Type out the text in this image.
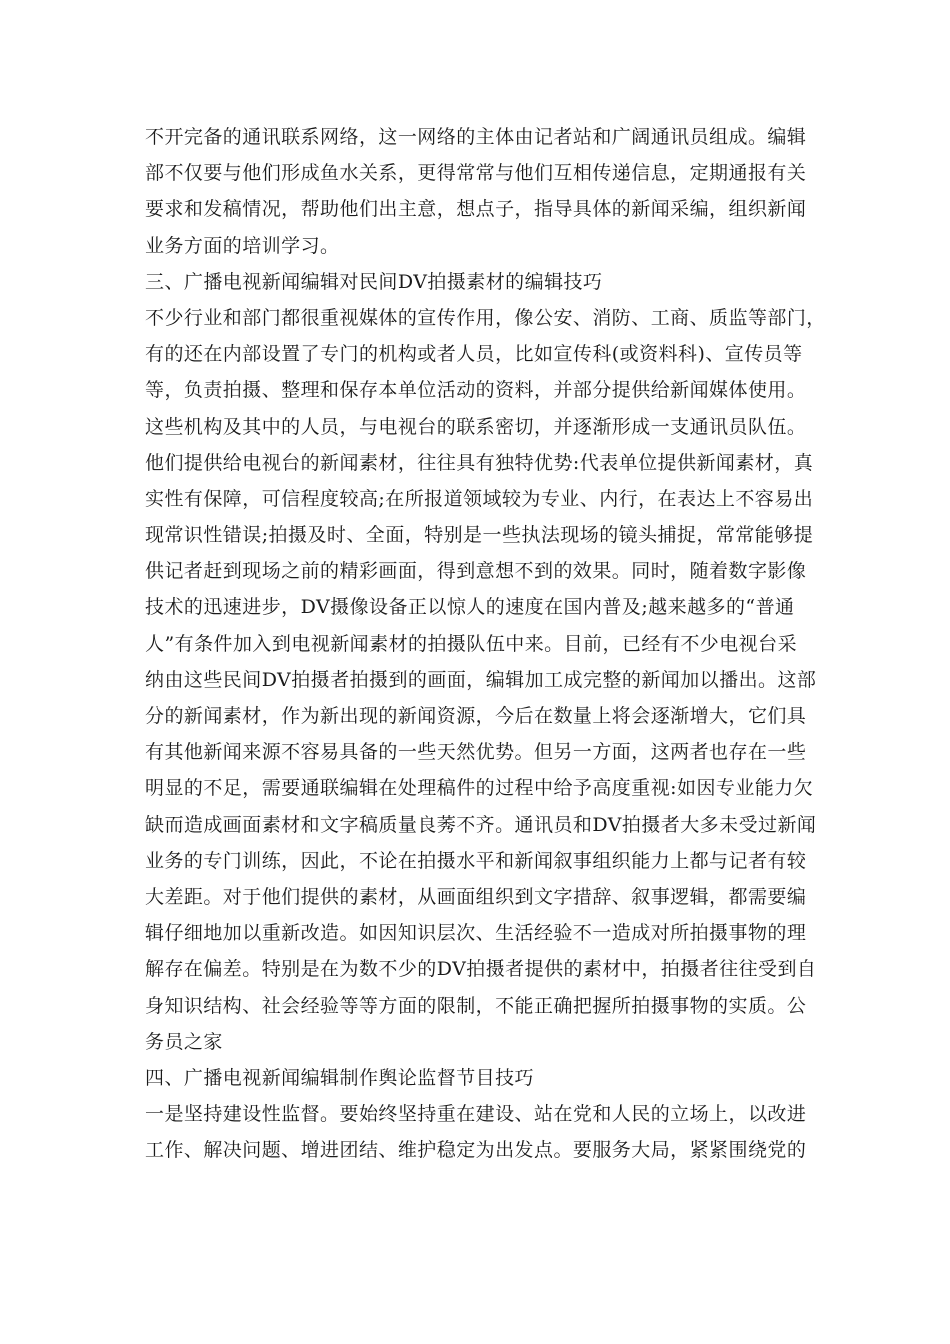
不开完备的通讯联系网络，这一网络的主体由记者站和广阔通讯员组成。编辑
部不仅要与他们形成鱼水关系，更得常常与他们互相传递信息，定期通报有关
要求和发稿情况，帮助他们出主意，想点子，指导具体的新闻采编，组织新闻
业务方面的培训学习。
三、广播电视新闻编辑对民间DV拍摄素材的编辑技巧
不少行业和部门都很重视媒体的宣传作用，像公安、消防、工商、质监等部门，
有的还在内部设置了专门的机构或者人员，比如宣传科(或资料科)、宣传员等
等，负责拍摄、整理和保存本单位活动的资料，并部分提供给新闻媒体使用。
这些机构及其中的人员，与电视台的联系密切，并逐渐形成一支通讯员队伍。
他们提供给电视台的新闻素材，往往具有独特优势:代表单位提供新闻素材，真
实性有保障，可信程度较高;在所报道领域较为专业、内行，在表达上不容易出
现常识性错误;拍摄及时、全面，特别是一些执法现场的镜头捕捉，常常能够提
供记者赶到现场之前的精彩画面，得到意想不到的效果。同时，随着数字影像
技术的迅速进步，DV摄像设备正以惊人的速度在国内普及;越来越多的“普通
人”有条件加入到电视新闻素材的拍摄队伍中来。目前，已经有不少电视台采
纳由这些民间DV拍摄者拍摄到的画面，编辑加工成完整的新闻加以播出。这部
分的新闻素材，作为新出现的新闻资源，今后在数量上将会逐渐增大，它们具
有其他新闻来源不容易具备的一些天然优势。但另一方面，这两者也存在一些
明显的不足，需要通联编辑在处理稿件的过程中给予高度重视:如因专业能力欠
缺而造成画面素材和文字稿质量良莠不齐。通讯员和DV拍摄者大多未受过新闻
业务的专门训练，因此，不论在拍摄水平和新闻叙事组织能力上都与记者有较
大差距。对于他们提供的素材，从画面组织到文字措辞、叙事逻辑，都需要编
辑仔细地加以重新改造。如因知识层次、生活经验不一造成对所拍摄事物的理
解存在偏差。特别是在为数不少的DV拍摄者提供的素材中，拍摄者往往受到自
身知识结构、社会经验等等方面的限制，不能正确把握所拍摄事物的实质。公
务员之家
四、广播电视新闻编辑制作舆论监督节目技巧
一是坚持建设性监督。要始终坚持重在建设、站在党和人民的立场上，以改进
工作、解决问题、增进团结、维护稳定为出发点。要服务大局，紧紧围绕党的
